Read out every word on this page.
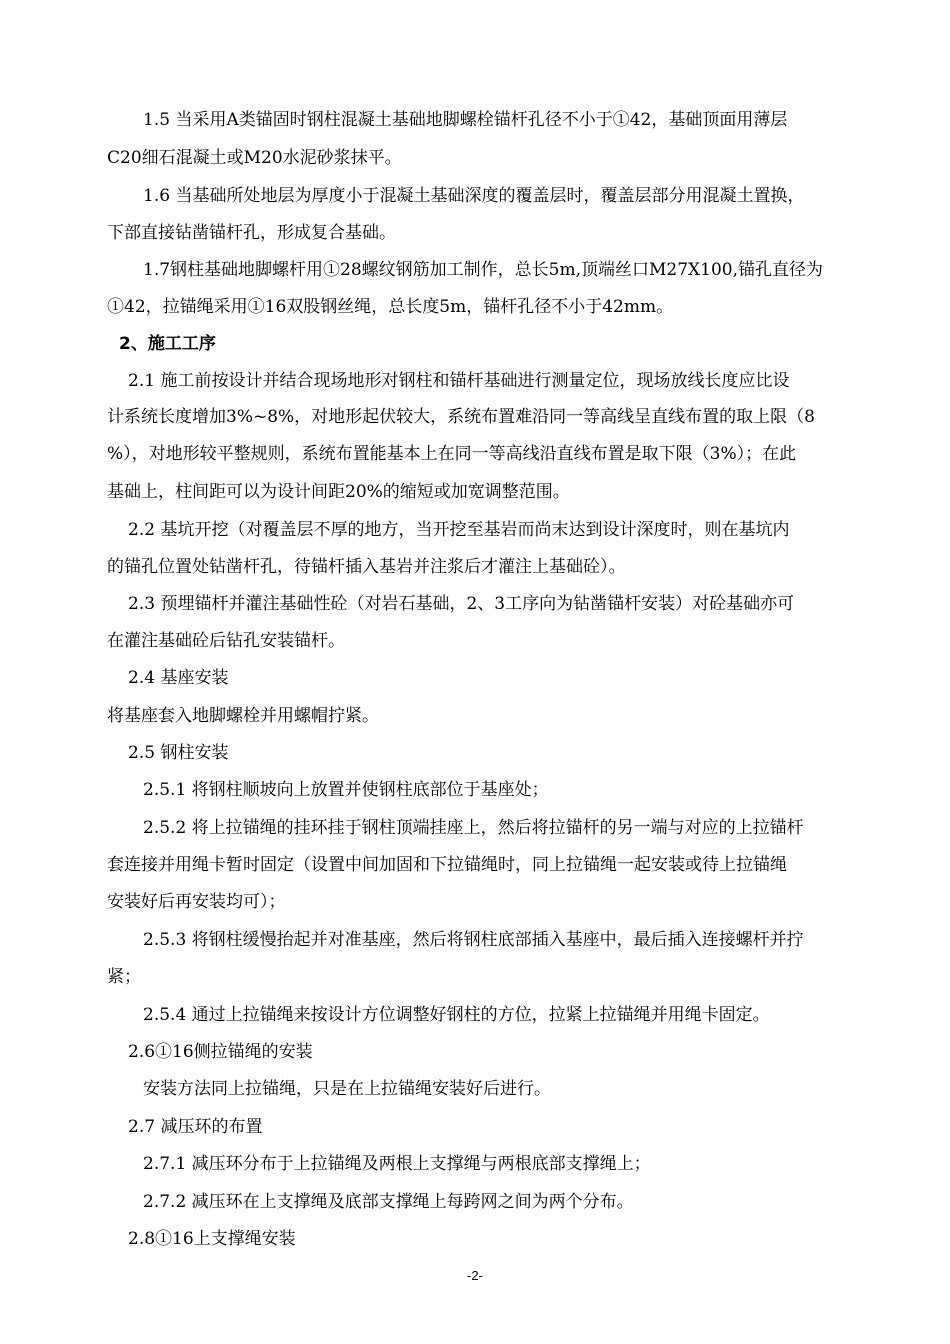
1.5 当采用A类锚固时钢柱混凝土基础地脚螺栓锚杆孔径不小于①42，基础顶面用薄层
C20细石混凝土或M20水泥砂浆抹平。
1.6 当基础所处地层为厚度小于混凝土基础深度的覆盖层时，覆盖层部分用混凝土置换，
下部直接钻凿锚杆孔，形成复合基础。
1.7钢柱基础地脚螺杆用①28螺纹钢筋加工制作，总长5m,顶端丝口M27X100,锚孔直径为
①42，拉锚绳采用①16双股钢丝绳，总长度5m，锚杆孔径不小于42mm。
2、施工工序
2.1 施工前按设计并结合现场地形对钢柱和锚杆基础进行测量定位，现场放线长度应比设
计系统长度增加3%~8%，对地形起伏较大，系统布置难沿同一等高线呈直线布置的取上限（8
%），对地形较平整规则，系统布置能基本上在同一等高线沿直线布置是取下限（3%）；在此
基础上，柱间距可以为设计间距20%的缩短或加宽调整范围。
2.2 基坑开挖（对覆盖层不厚的地方，当开挖至基岩而尚末达到设计深度时，则在基坑内
的锚孔位置处钻凿杆孔，待锚杆插入基岩并注浆后才灌注上基础砼）。
2.3 预埋锚杆并灌注基础性砼（对岩石基础，2、3工序向为钻凿锚杆安装）对砼基础亦可
在灌注基础砼后钻孔安装锚杆。
2.4 基座安装
将基座套入地脚螺栓并用螺帽拧紧。
2.5 钢柱安装
2.5.1 将钢柱顺坡向上放置并使钢柱底部位于基座处；
2.5.2 将上拉锚绳的挂环挂于钢柱顶端挂座上，然后将拉锚杆的另一端与对应的上拉锚杆
套连接并用绳卡暂时固定（设置中间加固和下拉锚绳时，同上拉锚绳一起安装或待上拉锚绳
安装好后再安装均可）；
2.5.3 将钢柱缓慢抬起并对准基座，然后将钢柱底部插入基座中，最后插入连接螺杆并拧
紧；
2.5.4 通过上拉锚绳来按设计方位调整好钢柱的方位，拉紧上拉锚绳并用绳卡固定。
2.6①16侧拉锚绳的安装
安装方法同上拉锚绳，只是在上拉锚绳安装好后进行。
2.7 减压环的布置
2.7.1 减压环分布于上拉锚绳及两根上支撑绳与两根底部支撑绳上；
2.7.2 减压环在上支撑绳及底部支撑绳上每跨网之间为两个分布。
2.8①16上支撑绳安装
-2-
